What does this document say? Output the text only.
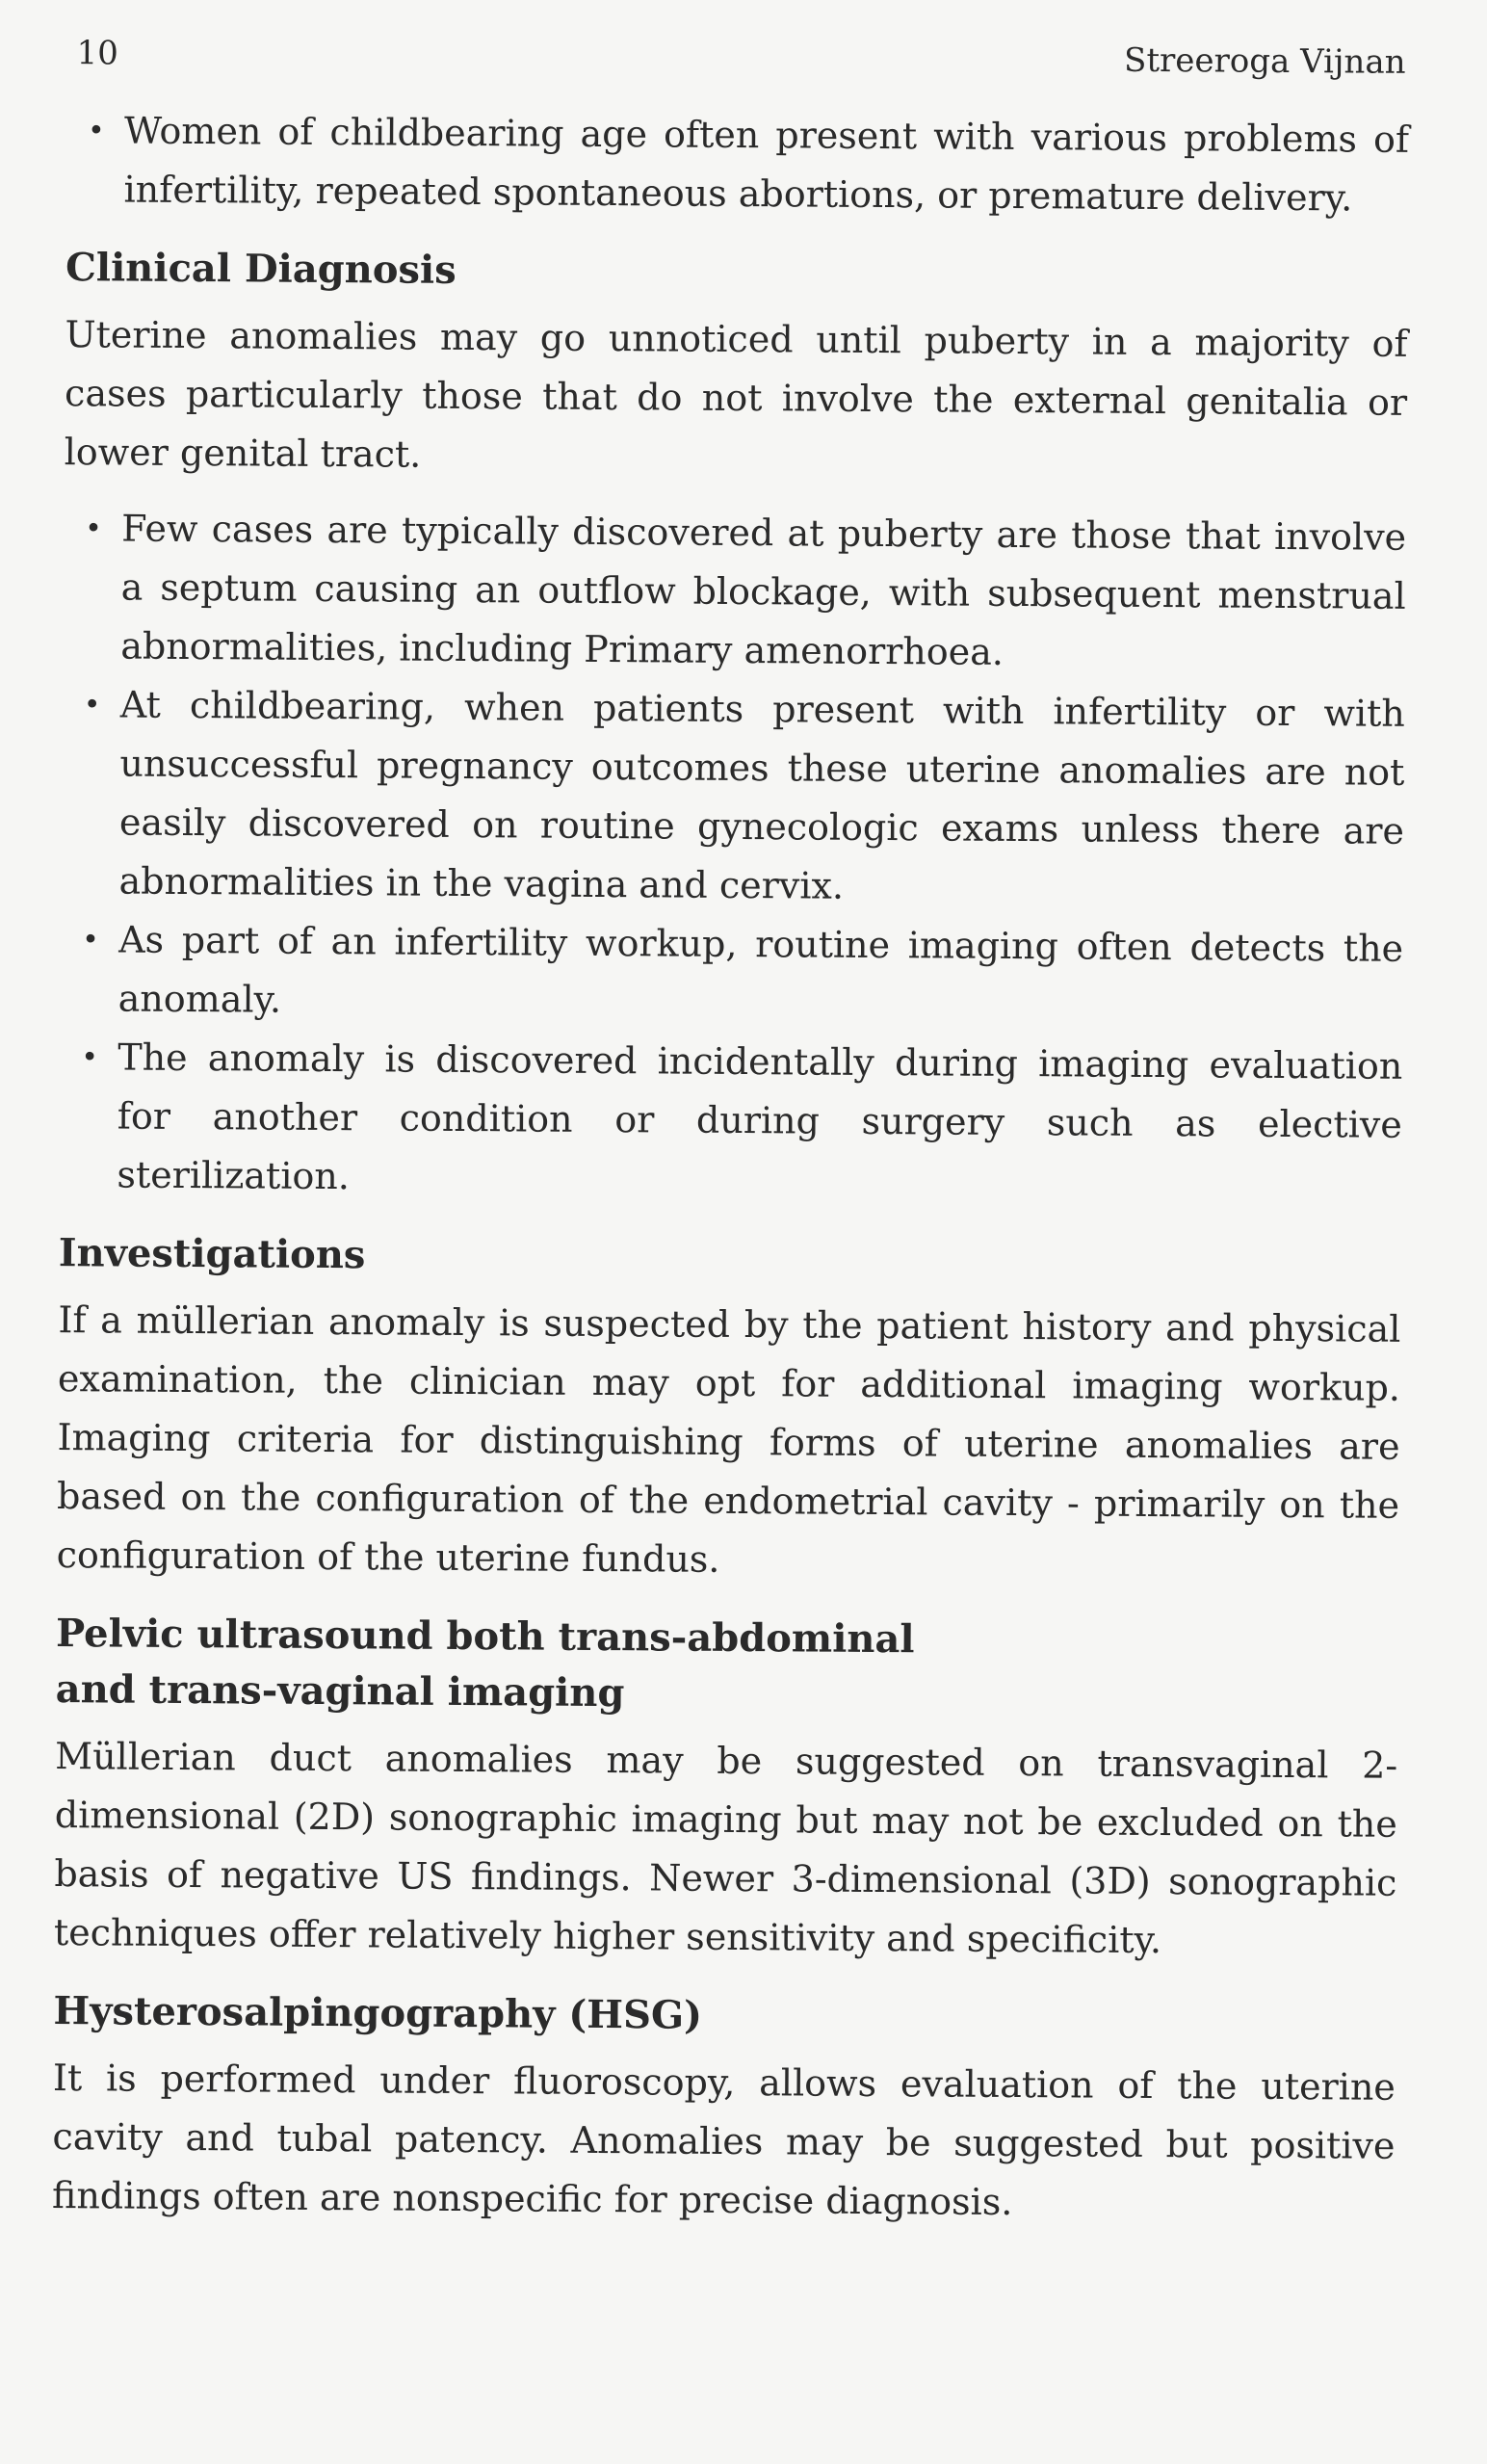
10	Streeroga Vijnan
• Women of childbearing age often present with various problems of infertility, repeated spontaneous abortions, or premature delivery.
Clinical Diagnosis

Uterine anomalies may go unnoticed until puberty in a majority of cases particularly those that do not involve the external genitalia or lower genital tract.

• Few cases are typically discovered at puberty are those that involve a septum causing an outflow blockage, with subsequent menstrual abnormalities, including Primary amenorrhoea.
• At childbearing, when patients present with infertility or with unsuccessful pregnancy outcomes these uterine anomalies are not easily discovered on routine gynecologic exams unless there are abnormalities in the vagina and cervix.
• As part of an infertility workup, routine imaging often detects the anomaly.
• The anomaly is discovered incidentally during imaging evaluation for another condition or during surgery such as elective sterilization.
Investigations

If a müllerian anomaly is suspected by the patient history and physical examination, the clinician may opt for additional imaging workup. Imaging criteria for distinguishing forms of uterine anomalies are based on the configuration of the endometrial cavity - primarily on the configuration of the uterine fundus.

Pelvic ultrasound both trans-abdominal
and trans-vaginal imaging

Müllerian duct anomalies may be suggested on transvaginal 2-dimensional (2D) sonographic imaging but may not be excluded on the basis of negative US findings. Newer 3-dimensional (3D) sonographic techniques offer relatively higher sensitivity and specificity.

Hysterosalpingography (HSG)

It is performed under fluoroscopy, allows evaluation of the uterine cavity and tubal patency. Anomalies may be suggested but positive findings often are nonspecific for precise diagnosis.
